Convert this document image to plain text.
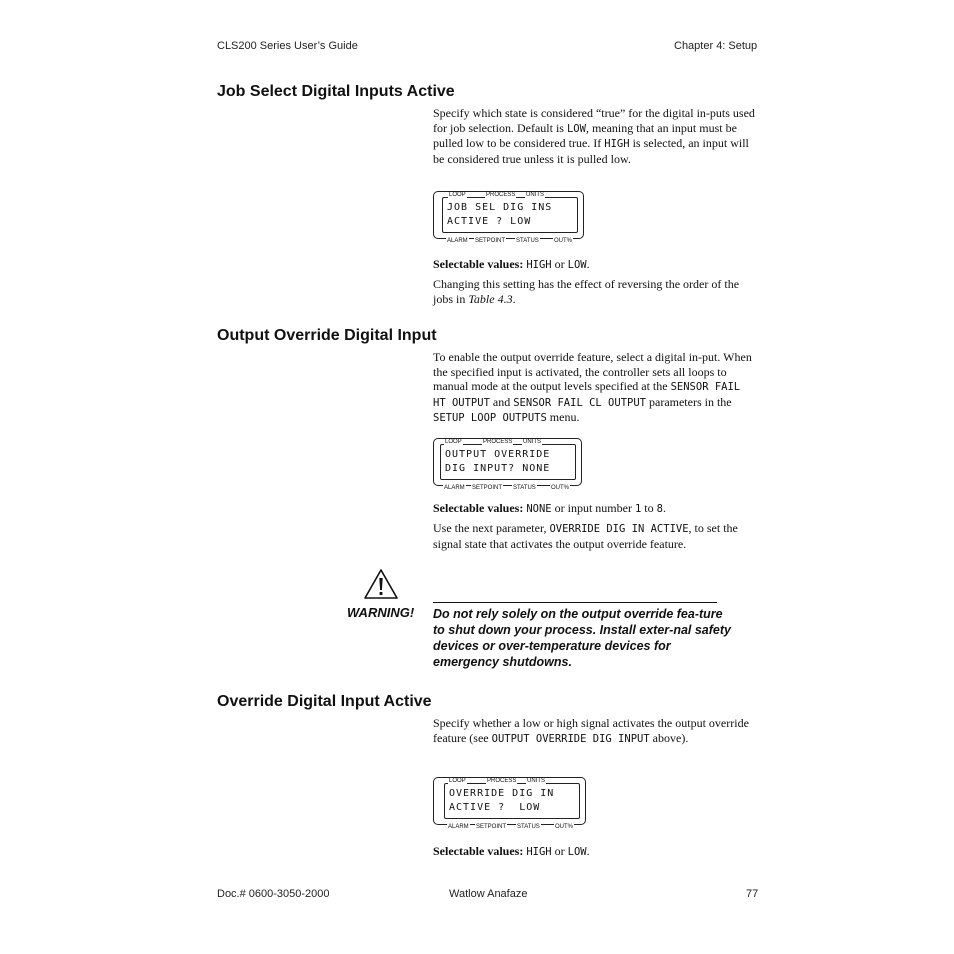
CLS200 Series User’s Guide	Chapter 4: Setup
Job Select Digital Inputs Active
Specify which state is considered “true” for the digital in-puts used for job selection. Default is LOW, meaning that an input must be pulled low to be considered true. If HIGH is selected, an input will be considered true unless it is pulled low.
JOB SEL DIG INS
ACTIVE ? LOW
LOOP	PROCESS UNITS
ALARM SETPOINT STATUS	OUT%
Selectable values: HIGH or LOW.
Changing this setting has the effect of reversing the order of the jobs in Table 4.3.
Output Override Digital Input
To enable the output override feature, select a digital in-put. When the specified input is activated, the controller sets all loops to manual mode at the output levels specified at the SENSOR FAIL HT OUTPUT and SENSOR FAIL CL OUTPUT parameters in the SETUP LOOP OUTPUTS menu.
OUTPUT OVERRIDE
DIG INPUT? NONE
LOOP	PROCESS UNITS
ALARM SETPOINT STATUS	OUT%
Selectable values: NONE or input number 1 to 8.
Use the next parameter, OVERRIDE DIG IN ACTIVE, to set the signal state that activates the output override feature.
WARNING! Do not rely solely on the output override fea-ture to shut down your process. Install exter-nal safety devices or over-temperature devices for emergency shutdowns.
Override Digital Input Active
Specify whether a low or high signal activates the output override feature (see OUTPUT OVERRIDE DIG INPUT above).
OVERRIDE DIG IN
ACTIVE ?  LOW
LOOP	PROCESS UNITS
ALARM SETPOINT STATUS	OUT%
Selectable values: HIGH or LOW.
Doc.# 0600-3050-2000	Watlow Anafaze	77
